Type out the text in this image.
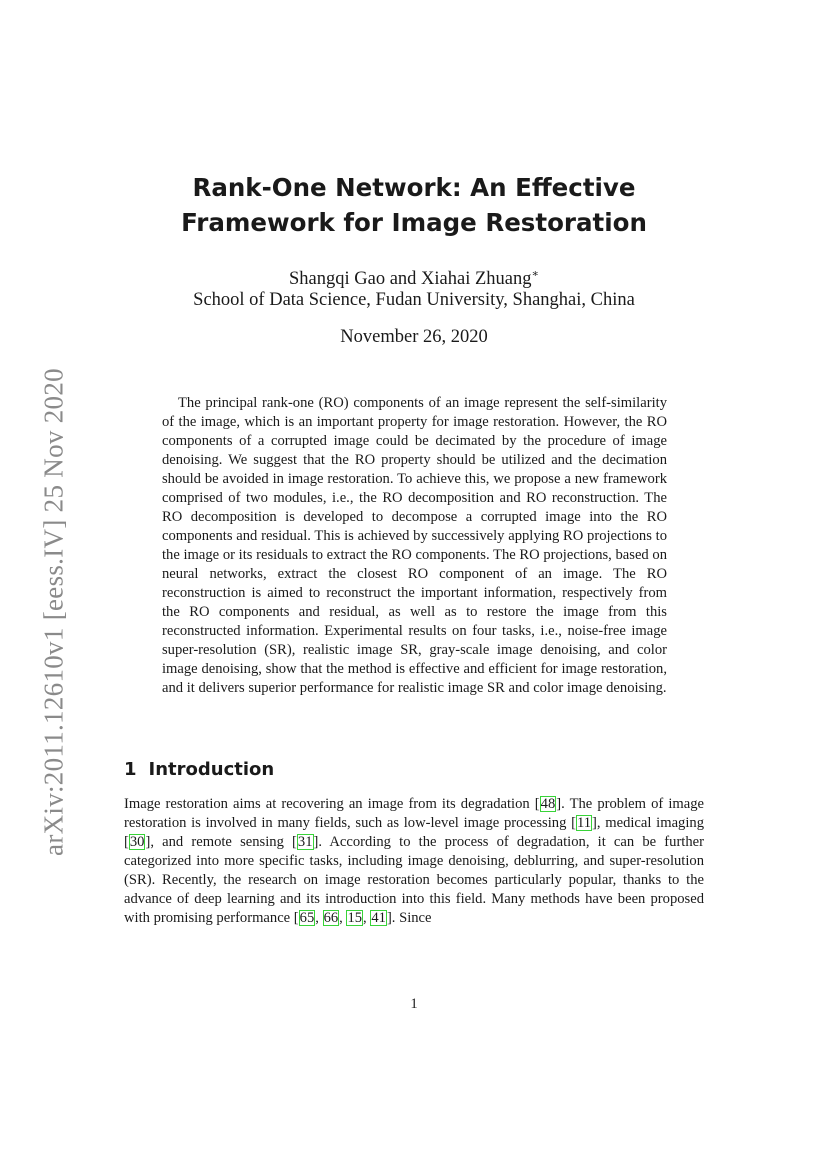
arXiv:2011.12610v1 [eess.IV] 25 Nov 2020
Rank-One Network: An Effective
Framework for Image Restoration
Shangqi Gao and Xiahai Zhuang∗
School of Data Science, Fudan University, Shanghai, China
November 26, 2020

The principal rank-one (RO) components of an image represent the self-similarity of the image, which is an important property for image restoration. However, the RO components of a corrupted image could be decimated by the procedure of image denoising. We suggest that the RO property should be utilized and the decimation should be avoided in image restoration. To achieve this, we propose a new framework comprised of two modules, i.e., the RO decomposition and RO reconstruction. The RO decomposition is developed to decompose a corrupted image into the RO components and residual. This is achieved by successively applying RO projections to the image or its residuals to extract the RO components. The RO projections, based on neural networks, extract the closest RO component of an image. The RO reconstruction is aimed to reconstruct the important information, respectively from the RO components and residual, as well as to restore the image from this reconstructed information. Experimental results on four tasks, i.e., noise-free image super-resolution (SR), realistic image SR, gray-scale image denoising, and color image denoising, show that the method is effective and efficient for image restoration, and it delivers superior performance for realistic image SR and color image denoising.

1 Introduction

Image restoration aims at recovering an image from its degradation [48]. The problem of image restoration is involved in many fields, such as low-level image processing [11], medical imaging [30], and remote sensing [31]. According to the process of degradation, it can be further categorized into more specific tasks, including image denoising, deblurring, and super-resolution (SR). Recently, the research on image restoration becomes particularly popular, thanks to the advance of deep learning and its introduction into this field. Many methods have been proposed with promising performance [65, 66, 15, 41]. Since

1
